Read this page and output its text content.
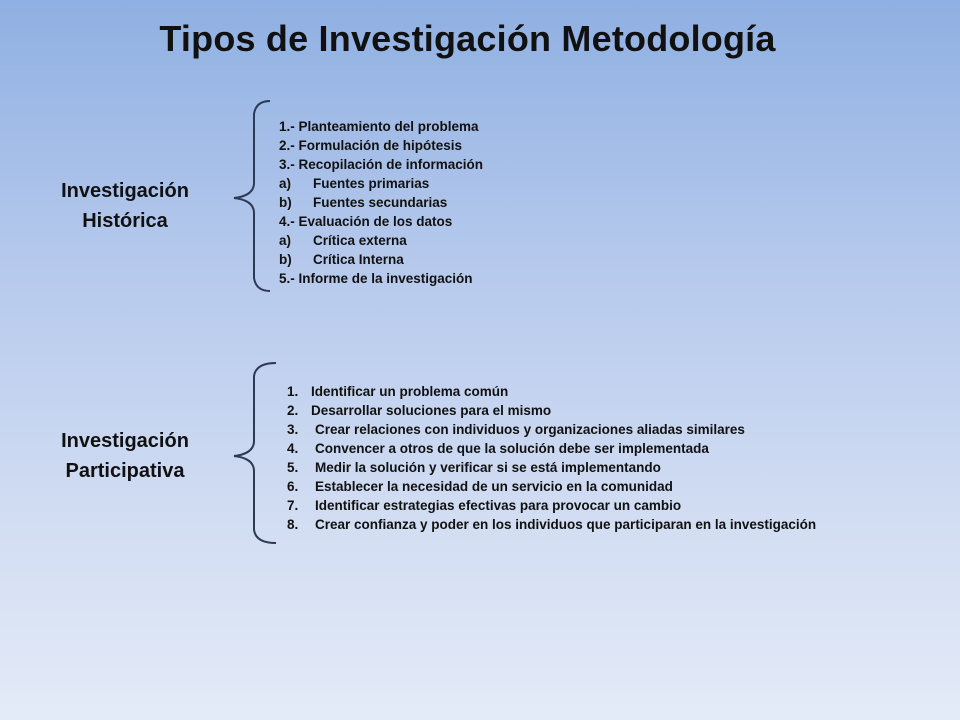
Tipos de Investigación Metodología
Investigación
Histórica
1.- Planteamiento del problema
2.- Formulación de hipótesis
3.- Recopilación de información
a) Fuentes primarias
b) Fuentes secundarias
4.- Evaluación de los datos
a) Crítica externa
b) Crítica Interna
5.- Informe de la investigación
Investigación
Participativa
1. Identificar un problema común
2. Desarrollar soluciones para el mismo
3. Crear relaciones con individuos y organizaciones aliadas similares
4. Convencer a otros de que la solución debe ser implementada
5. Medir la solución y verificar si se está implementando
6. Establecer la necesidad de un servicio en la comunidad
7. Identificar estrategias efectivas para provocar un cambio
8. Crear confianza y poder en los individuos que participaran en la investigación
